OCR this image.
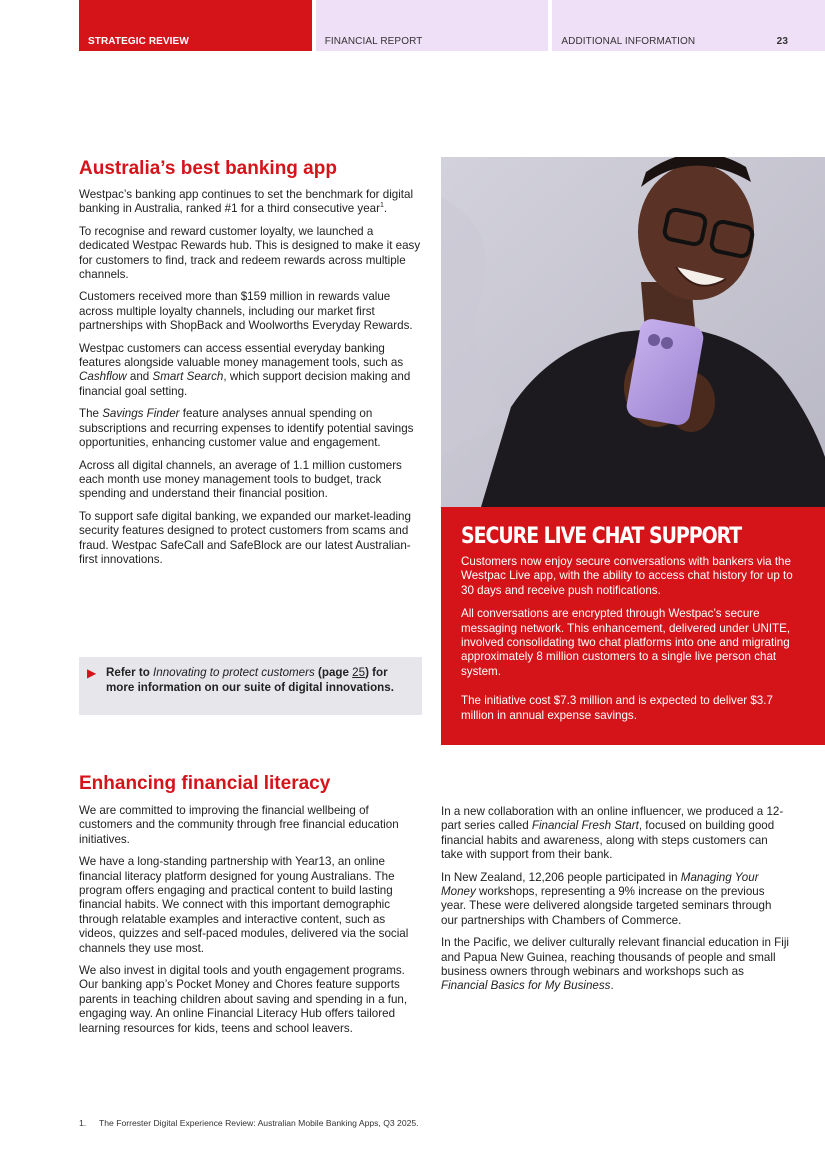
STRATEGIC REVIEW	FINANCIAL REPORT	ADDITIONAL INFORMATION	23
Australia’s best banking app

Westpac’s banking app continues to set the benchmark for digital banking in Australia, ranked #1 for a third consecutive year$^1$.

To recognise and reward customer loyalty, we launched a dedicated Westpac Rewards hub. This is designed to make it easy for customers to find, track and redeem rewards across multiple channels.

Customers received more than $159 million in rewards value across multiple loyalty channels, including our market first partnerships with ShopBack and Woolworths Everyday Rewards.

Westpac customers can access essential everyday banking features alongside valuable money management tools, such as Cashflow and Smart Search, which support decision making and financial goal setting.

The Savings Finder feature analyses annual spending on subscriptions and recurring expenses to identify potential savings opportunities, enhancing customer value and engagement.

Across all digital channels, an average of 1.1 million customers each month use money management tools to budget, track spending and understand their financial position.

To support safe digital banking, we expanded our market-leading security features designed to protect customers from scams and fraud. Westpac SafeCall and SafeBlock are our latest Australian-first innovations.

▶ Refer to Innovating to protect customers (page 25) for more information on our suite of digital innovations.
SECURE LIVE CHAT SUPPORT

Customers now enjoy secure conversations with bankers via the Westpac Live app, with the ability to access chat history for up to 30 days and receive push notifications.

All conversations are encrypted through Westpac’s secure messaging network. This enhancement, delivered under UNITE, involved consolidating two chat platforms into one and migrating approximately 8 million customers to a single live person chat system.

The initiative cost $7.3 million and is expected to deliver $3.7 million in annual expense savings.

Enhancing financial literacy

We are committed to improving the financial wellbeing of customers and the community through free financial education initiatives.

We have a long-standing partnership with Year13, an online financial literacy platform designed for young Australians. The program offers engaging and practical content to build lasting financial habits. We connect with this important demographic through relatable examples and interactive content, such as videos, quizzes and self-paced modules, delivered via the social channels they use most.

We also invest in digital tools and youth engagement programs. Our banking app’s Pocket Money and Chores feature supports parents in teaching children about saving and spending in a fun, engaging way. An online Financial Literacy Hub offers tailored learning resources for kids, teens and school leavers.

In a new collaboration with an online influencer, we produced a 12-part series called Financial Fresh Start, focused on building good financial habits and awareness, along with steps customers can take with support from their bank.

In New Zealand, 12,206 people participated in Managing Your Money workshops, representing a 9% increase on the previous year. These were delivered alongside targeted seminars through our partnerships with Chambers of Commerce.

In the Pacific, we deliver culturally relevant financial education in Fiji and Papua New Guinea, reaching thousands of people and small business owners through webinars and workshops such as Financial Basics for My Business.

1. The Forrester Digital Experience Review: Australian Mobile Banking Apps, Q3 2025.
